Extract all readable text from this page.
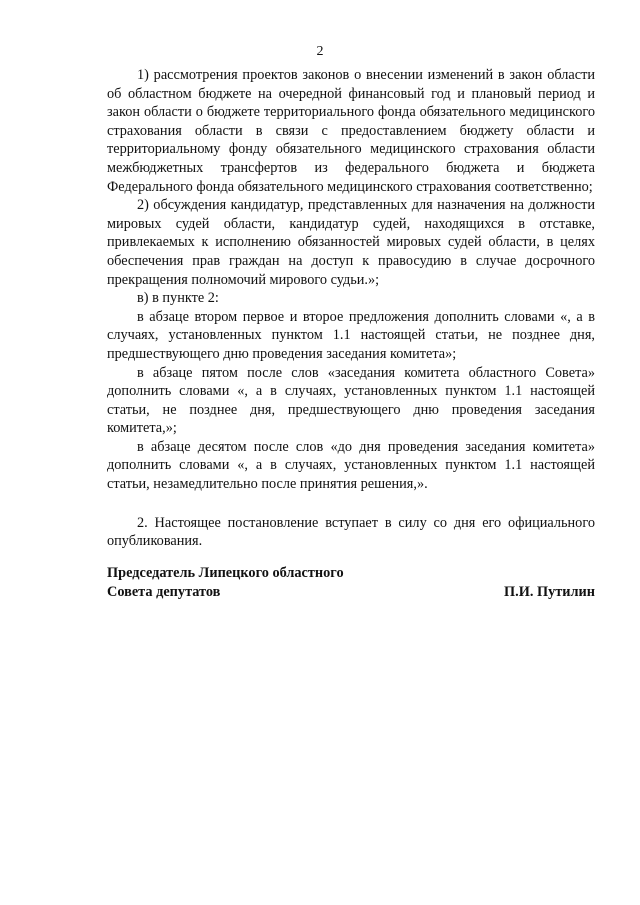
2

1) рассмотрения проектов законов о внесении изменений в закон области об областном бюджете на очередной финансовый год и плановый период и закон области о бюджете территориального фонда обязательного медицинского страхования области в связи с предоставлением бюджету области и территориальному фонду обязательного медицинского страхования области межбюджетных трансфертов из федерального бюджета и бюджета Федерального фонда обязательного медицинского страхования соответственно;

2) обсуждения кандидатур, представленных для назначения на должности мировых судей области, кандидатур судей, находящихся в отставке, привлекаемых к исполнению обязанностей мировых судей области, в целях обеспечения прав граждан на доступ к правосудию в случае досрочного прекращения полномочий мирового судьи.»;

в) в пункте 2:

в абзаце втором первое и второе предложения дополнить словами «, а в случаях, установленных пунктом 1.1 настоящей статьи, не позднее дня, предшествующего дню проведения заседания комитета»;

в абзаце пятом после слов «заседания комитета областного Совета» дополнить словами «, а в случаях, установленных пунктом 1.1 настоящей статьи, не позднее дня, предшествующего дню проведения заседания комитета,»;

в абзаце десятом после слов «до дня проведения заседания комитета» дополнить словами «, а в случаях, установленных пунктом 1.1 настоящей статьи, незамедлительно после принятия решения,».

2. Настоящее постановление вступает в силу со дня его официального опубликования.

Председатель Липецкого областного
Совета депутатов	П.И. Путилин
